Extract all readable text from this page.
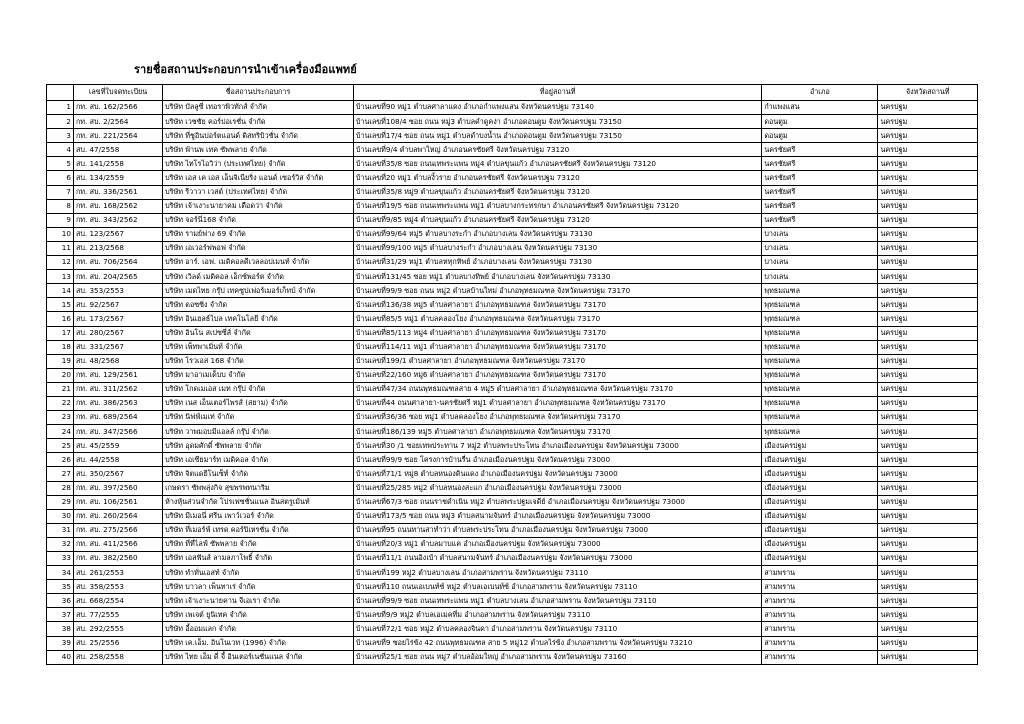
รายชื่อสถานประกอบการนำเข้าเครื่องมือแพทย์
	เลขที่ใบจดทะเบียน	ชื่อสถานประกอบการ	ที่อยู่สถานที่	อำเภอ	จังหวัดสถานที่
1	กท. สบ. 162/2566	บริษัท บัลลูซี่ เทอราพิวทักส์ จำกัด	บ้านเลขที่90 หมู่1 ตำบลศาลาแดง อำเภอกำแพงแสน จังหวัดนครปฐม 73140	กำแพงแสน	นครปฐม
2	กท. สบ. 2/2564	บริษัท เวชชัย คอร์ปอเรชั่น จำกัด	บ้านเลขที่108/4 ซอย ถนน หมู่3 ตำบลดำดูคง่า อำเภอดอนตูม จังหวัดนครปฐม 73150	ดอนตูม	นครปฐม
3	กท. สบ. 221/2564	บริษัท ที่ชูอินปอร์ตแอนด์ ดิสทริบิวชั่น จำกัด	บ้านเลขที่17/4 ซอย ถนน หมู่1 ตำบลดำบงน้ำน อำเภอดอนตูม จังหวัดนครปฐม 73150	ดอนตูม	นครปฐม
4	สบ. 47/2558	บริษัท พ้านพ เทค ซัพพลาย จำกัด	บ้านเลขที่9/4 ตำบลพาใหญ่ อำเภอนครซัยศรี จังหวัดนครปฐม 73120	นครชัยศรี	นครปฐม
5	สบ. 141/2558	บริษัท ไทโรไอวิว่า (ประเทศไทย) จำกัด	บ้านเลขที่35/8 ซอย ถนนเทพระแพน หมู่4 ตำบลขุนแก้ว อำเภอนครชัยศรี จังหวัดนครปฐม 73120	นครชัยศรี	นครปฐม
6	สบ. 134/2559	บริษัท เอส เค เอส เอ็นจิเนียริ่ง แอนด์ เซอร์วิส จำกัด	บ้านเลขที่20 หมู่1 ตำบลงิ้วราย อำเภอนครชัยศรี จังหวัดนครปฐม 73120	นครชัยศรี	นครปฐม
7	กท. สบ. 336/2561	บริษัท รีวาวา เวสต์ (ประเทศไทย) จำกัด	บ้านเลขที่35/8 หมู่9 ตำบลขุนแก้ว อำเภอนครชัยศรี จังหวัดนครปฐม 73120	นครชัยศรี	นครปฐม
8	กท. สบ. 168/2562	บริษัท เจ้าเงาะนายาคม เดือดว่า จำกัด	บ้านเลขที่19/5 ซอย ถนนเทพระแพน หมู่1 ตำบลบางกระทรกษา อำเภอนครชัยศรี จังหวัดนครปฐม 73120	นครชัยศรี	นครปฐม
9	กท. สบ. 343/2562	บริษัท จอร์นี่168 จำกัด	บ้านเลขที่9/85 หมู่4 ตำบลขุนแก้ว อำเภอนครชัยศรี จังหวัดนครปฐม 73120	นครชัยศรี	นครปฐม
10	สบ. 123/2567	บริษัท รามย์ฟาง 69 จำกัด	บ้านเลขที่99/64 หมู่5 ตำบลบางระกำ อำเภอบางเลน จังหวัดนครปฐม 73130	บางเลน	นครปฐม
11	สบ. 213/2568	บริษัท เอเวอร์ฟพอฟ จำกัด	บ้านเลขที่99/100 หมู่5 ตำบลบางระกำ อำเภอบางเลน จังหวัดนครปฐม 73130	บางเลน	นครปฐม
12	กท. สบ. 706/2564	บริษัท อาร์. เอฟ. เมดิคอลดีเวลลอปเมนท์ จำกัด	บ้านเลขที่31/29 หมู่1 ตำบลหทุกทิพย์ อำเภอบางเลน จังหวัดนครปฐม 73130	บางเลน	นครปฐม
13	กท. สบ. 204/2565	บริษัท เวิลด์ เมดิคอล เอ็กซ์พอร์ต จำกัด	บ้านเลขที่131/45 ซอย หมู่1 ตำบลบางทิพย์ อำเภอบางเลน จังหวัดนครปฐม 73130	บางเลน	นครปฐม
14	สบ. 353/2553	บริษัท เมดไทย กรุ๊ป เทคซูปเฟอร์เมอร์เก็ทบ์ จำกัด	บ้านเลขที่99/9 ซอย ถนน หมู่2 ตำบลบ้านใหม่ อำเภอพุทธมณฑล จังหวัดนครปฐม 73170	พุทธมณฑล	นครปฐม
15	สบ. 92/2567	บริษัท ดอซซิ่ง จำกัด	บ้านเลขที่136/38 หมู่5 ตำบลศาลายา อำเภอพุทธมณฑล จังหวัดนครปฐม 73170	พุทธมณฑล	นครปฐม
16	สบ. 173/2567	บริษัท อินเฮลธ์ไบล เทคโนโลยี จำกัด	บ้านเลขที่85/5 หมู่1 ตำบลคลองโยง อำเภอพุทธมณฑล จังหวัดนครปฐม 73170	พุทธมณฑล	นครปฐม
17	สบ. 280/2567	บริษัท อินโน สเปซซี่ส์ จำกัด	บ้านเลขที่85/113 หมู่4 ตำบลศาลายา อำเภอพุทธมณฑล จังหวัดนครปฐม 73170	พุทธมณฑล	นครปฐม
18	สบ. 331/2567	บริษัท เพ็ทพาเมิ่นท์ จำกัด	บ้านเลขที่114/11 หมู่1 ตำบลศาลายา อำเภอพุทธมณฑล จังหวัดนครปฐม 73170	พุทธมณฑล	นครปฐม
19	สบ. 48/2568	บริษัท โรวเอส 168 จำกัด	บ้านเลขที่199/1 ตำบลศาลายา อำเภอพุทธมณฑล จังหวัดนครปฐม 73170	พุทธมณฑล	นครปฐม
20	กท. สบ. 129/2561	บริษัท มาอาเมเด็บบ จำกัด	บ้านเลขที่22/160 หมู่6 ตำบลศาลายา อำเภอพุทธมณฑล จังหวัดนครปฐม 73170	พุทธมณฑล	นครปฐม
21	กท. สบ. 311/2562	บริษัท โกดเมเอส เมท กรุ๊ป จำกัด	บ้านเลขที่47/34 ถนนพุทธมณฑลสาย 4 หมู่5 ตำบลศาลายา อำเภอพุทธมณฑล จังหวัดนครปฐม 73170	พุทธมณฑล	นครปฐม
22	กท. สบ. 386/2563	บริษัท เนส เอ็นเตอร์ไพรส์ (สยาม) จำกัด	บ้านเลขที่44 ถนนศาลายา-นครชัยศรี หมู่1 ตำบลศาลายา อำเภอพุทธมณฑล จังหวัดนครปฐม 73170	พุทธมณฑล	นครปฐม
23	กท. สบ. 689/2564	บริษัท นิฟฟ์เมเท่ จำกัด	บ้านเลขที่36/36 ซอย หมู่1 ตำบลคลองโยง อำเภอพุทธมณฑล จังหวัดนครปฐม 73170	พุทธมณฑล	นครปฐม
24	กท. สบ. 347/2566	บริษัท วาพมอบมีแอลล์ กรุ๊ป จำกัด	บ้านเลขที่186/139 หมู่5 ตำบลศาลายา อำเภอพุทธมณฑล จังหวัดนครปฐม 73170	พุทธมณฑล	นครปฐม
25	สบ. 45/2559	บริษัท อุดมศักดิ์ ซัพพลาย จำกัด	บ้านเลขที่30 /1 ซอยเทพประทาน 7 หมู่2 ตำบลพระประโทน อำเภอเมืองนครปฐม จังหวัดนครปฐม 73000	เมืองนครปฐม	นครปฐม
26	สบ. 44/2558	บริษัท เอเซียมาร์ท เมดิคอล จำกัด	บ้านเลขที่99/9 ซอย โครงการบ้านรื่น อำเภอเมืองนครปฐม จังหวัดนครปฐม 73000	เมืองนครปฐม	นครปฐม
27	สบ. 350/2567	บริษัท จิตแดยีโนเซ็ท์ จำกัด	บ้านเลขที่71/1 หมู่8 ตำบลหนองดินแดง อำเภอเมืองนครปฐม จังหวัดนครปฐม 73000	เมืองนครปฐม	นครปฐม
28	กท. สบ. 397/2560	เกษตรา ซัพพลุ่งกิจ สุขพรพทนาริม	บ้านเลขที่25/285 หมู่2 ตำบลหนองสะแก อำเภอเมืองนครปฐม จังหวัดนครปฐม 73000	เมืองนครปฐม	นครปฐม
29	กท. สบ. 106/2561	ห้างหุ้นส่วนจำกัด โปรเฟซชั่นแนล อินสตรูเม้นท์	บ้านเลขที่67/3 ซอย ถนนราชดำเนิน หมู่2 ตำบลพระปฐมเจดีย์ อำเภอเมืองนครปฐม จังหวัดนครปฐม 73000	เมืองนครปฐม	นครปฐม
30	กท. สบ. 260/2564	บริษัท มีเมอนี่ ศรีน เพาว์เวอร์ จำกัด	บ้านเลขที่173/5 ซอย ถนน หมู่3 ตำบลสนามจันทร์ อำเภอเมืองนครปฐม จังหวัดนครปฐม 73000	เมืองนครปฐม	นครปฐม
31	กท. สบ. 275/2566	บริษัท ที่เมอร์ฟ์ เทรด คอร์ปิเหรชั่น จำกัด	บ้านเลขที่95 ถนนทานสาทำว่า ตำบลพระประโทน อำเภอเมืองนครปฐม จังหวัดนครปฐม 73000	เมืองนครปฐม	นครปฐม
32	กท. สบ. 411/2566	บริษัท ที่ที่ไลฟ์ ซัพพลาย จำกัด	บ้านเลขที่20/3 หมู่1 ตำบลมาบแค อำเภอเมืองนครปฐม จังหวัดนครปฐม 73000	เมืองนครปฐม	นครปฐม
33	กท. สบ. 382/2560	บริษัท เอสฟันส์ ลามลภาโพธิ์ จำกัด	บ้านเลขที่11/1 ถนนอิงเบ้า ตำบลสนามจันทร์ อำเภอเมืองนครปฐม จังหวัดนครปฐม 73000	เมืองนครปฐม	นครปฐม
34	สบ. 261/2553	บริษัท ทำทั่นเอสท์ จำกัด	บ้านเลขที่199 หมู่2 ตำบลบางเลน อำเภอสามพราน จังหวัดนครปฐม 73110	สามพราน	นครปฐม
35	สบ. 358/2553	บริษัท บาวลา เพ็นทาเร่ จำกัด	บ้านเลขที่110 ถนนเอเบนท์ซ์ หมู่2 ตำบลเอเบนท์ซ์ อำเภอสามพราน จังหวัดนครปฐม 73110	สามพราน	นครปฐม
36	สบ. 668/2554	บริษัท เจ้าเงาะนายคาน จีเอเรา จำกัด	บ้านเลขที่99/9 ซอย ถนนเทพระแพน หมู่1 ตำบลบางเลน อำเภอสามพราน จังหวัดนครปฐม 73110	สามพราน	นครปฐม
37	สบ. 77/2555	บริษัท เพเจต์ ยูนิเทค จำกัด	บ้านเลขที่9/9 หมู่2 ตำบลเอเมคที่ม อำเภอสามพราน จังหวัดนครปฐม 73110	สามพราน	นครปฐม
38	สบ. 292/2555	บริษัท อี้ออมแลก จำกัด	บ้านเลขที่72/1 ซอย หมู่2 ตำบลคลองจินดา อำเภอสามพราน จังหวัดนครปฐม 73110	สามพราน	นครปฐม
39	สบ. 25/2556	บริษัท เค.เอ็ม. อินโนเวท (1996) จำกัด	บ้านเลขที่9 ซอยไร่ข้ง 42 ถนนพุทธมณฑล สาย 5 หมู่12 ตำบลไร่ข้ง อำเภอสามพราน จังหวัดนครปฐม 73210	สามพราน	นครปฐม
40	สบ. 258/2558	บริษัท ไทย เอ็ม ดี่ จี้ อินเตอร์เนชั่นแนล จำกัด	บ้านเลขที่25/1 ซอย ถนน หมู่7 ตำบลอ้อมใหญ่ อำเภอสามพราน จังหวัดนครปฐม 73160	สามพราน	นครปฐม
